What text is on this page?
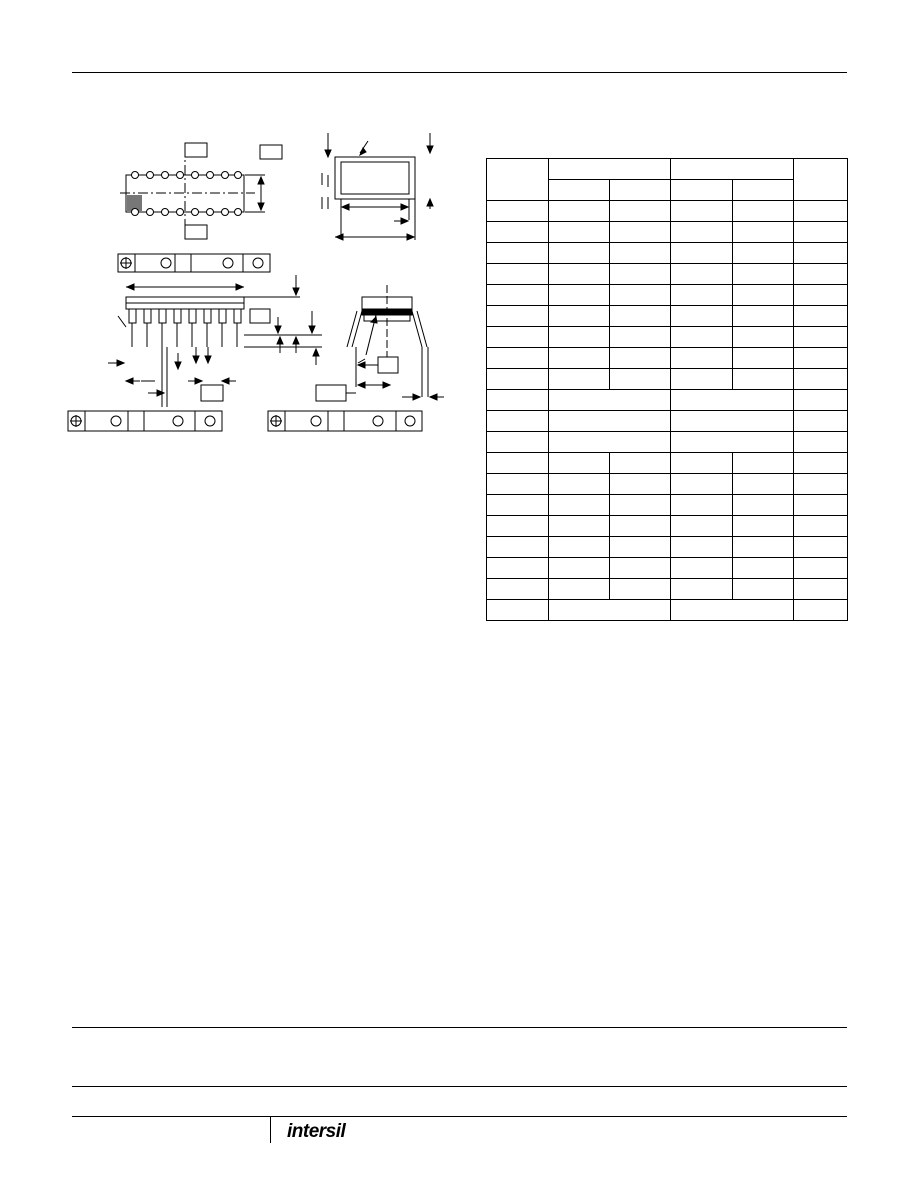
intersil
